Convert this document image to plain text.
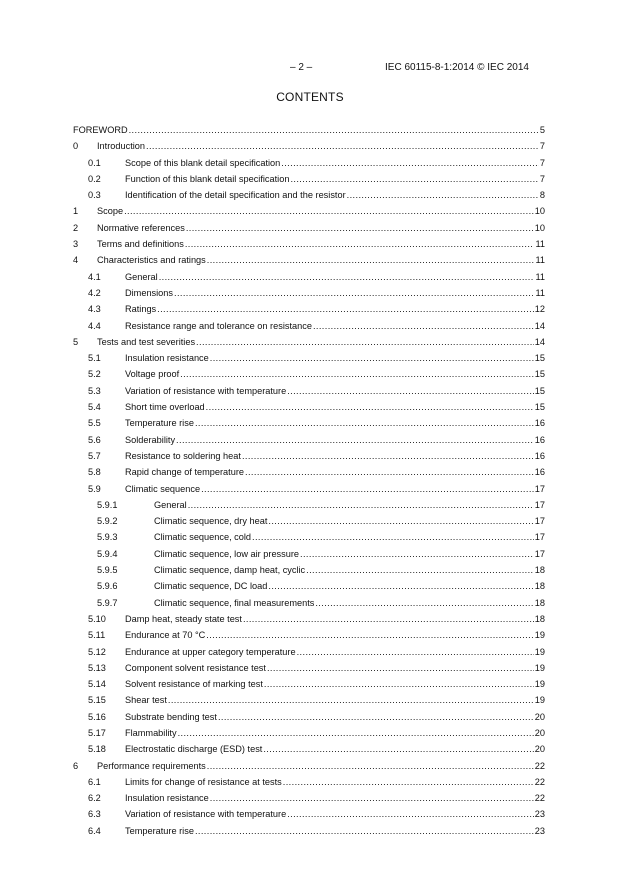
– 2 –	IEC 60115-8-1:2014 © IEC 2014
CONTENTS
FOREWORD .....	5
0 Introduction .....	7
0.1	Scope of this blank detail specification .....	7
0.2	Function of this blank detail specification .....	7
0.3	Identification of the detail specification and the resistor .....	8
1 Scope .....	10
2 Normative references .....	10
3 Terms and definitions .....	11
4 Characteristics and ratings .....	11
4.1	General .....	11
4.2	Dimensions .....	11
4.3	Ratings .....	12
4.4	Resistance range and tolerance on resistance .....	14
5 Tests and test severities .....	14
5.1	Insulation resistance .....	15
5.2	Voltage proof .....	15
5.3	Variation of resistance with temperature .....	15
5.4	Short time overload .....	15
5.5	Temperature rise .....	16
5.6	Solderability .....	16
5.7	Resistance to soldering heat .....	16
5.8	Rapid change of temperature .....	16
5.9	Climatic sequence .....	17
5.9.1	General .....	17
5.9.2	Climatic sequence, dry heat .....	17
5.9.3	Climatic sequence, cold .....	17
5.9.4	Climatic sequence, low air pressure .....	17
5.9.5	Climatic sequence, damp heat, cyclic .....	18
5.9.6	Climatic sequence, DC load .....	18
5.9.7	Climatic sequence, final measurements .....	18
5.10 Damp heat, steady state test .....	18
5.11 Endurance at 70 °C .....	19
5.12 Endurance at upper category temperature .....	19
5.13 Component solvent resistance test .....	19
5.14 Solvent resistance of marking test .....	19
5.15 Shear test .....	19
5.16 Substrate bending test .....	20
5.17 Flammability .....	20
5.18 Electrostatic discharge (ESD) test .....	20
6 Performance requirements .....	22
6.1	Limits for change of resistance at tests .....	22
6.2	Insulation resistance .....	22
6.3	Variation of resistance with temperature .....	23
6.4	Temperature rise .....	23
